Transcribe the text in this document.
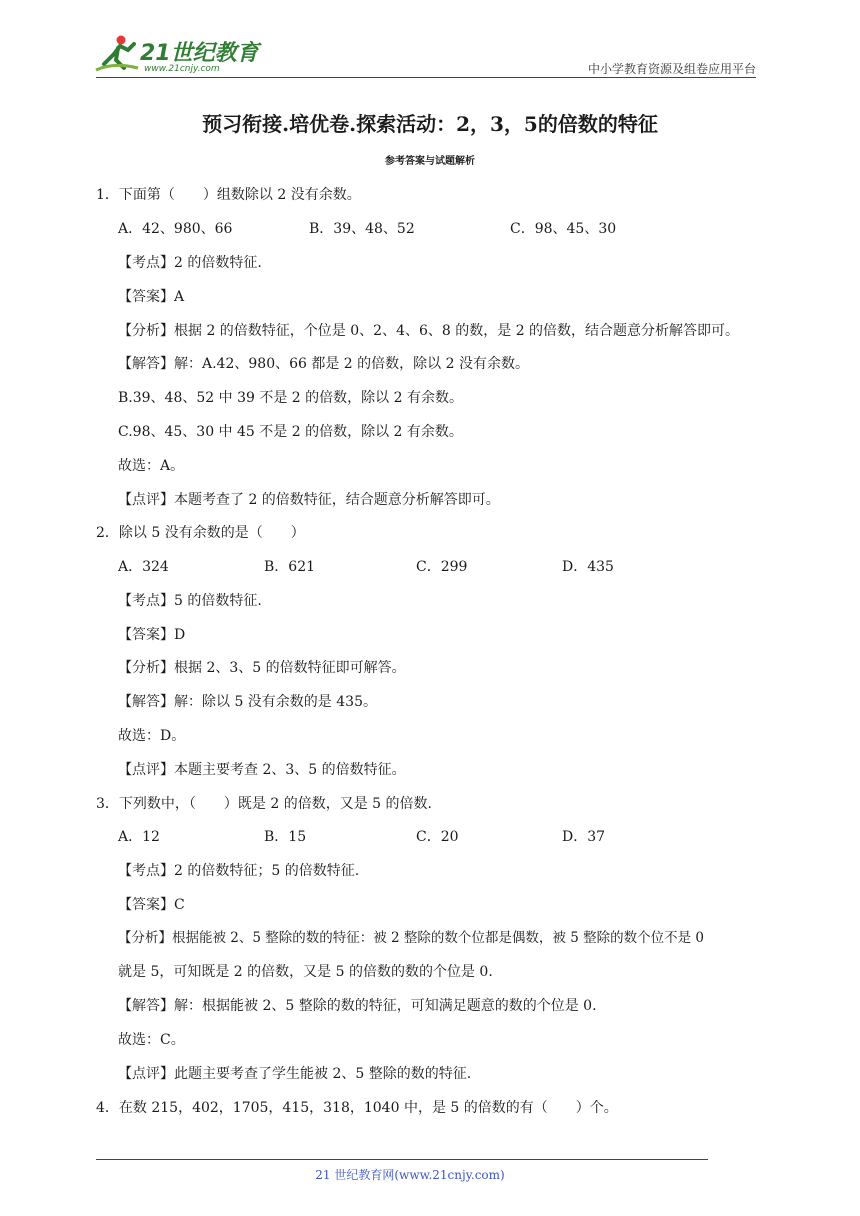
21世纪教育
www.21cnjy.com	中小学教育资源及组卷应用平台
预习衔接.培优卷.探索活动：2，3，5的倍数的特征
参考答案与试题解析
1．下面第（　　）组数除以 2 没有余数。
A．42、980、66	B．39、48、52	C．98、45、30
【考点】2 的倍数特征.
【答案】A
【分析】根据 2 的倍数特征，个位是 0、2、4、6、8 的数，是 2 的倍数，结合题意分析解答即可。
【解答】解：A.42、980、66 都是 2 的倍数，除以 2 没有余数。
B.39、48、52 中 39 不是 2 的倍数，除以 2 有余数。
C.98、45、30 中 45 不是 2 的倍数，除以 2 有余数。
故选：A。
【点评】本题考查了 2 的倍数特征，结合题意分析解答即可。
2．除以 5 没有余数的是（　　）
A．324	B．621	C．299	D．435
【考点】5 的倍数特征.
【答案】D
【分析】根据 2、3、5 的倍数特征即可解答。
【解答】解：除以 5 没有余数的是 435。
故选：D。
【点评】本题主要考查 2、3、5 的倍数特征。
3．下列数中，（　　）既是 2 的倍数，又是 5 的倍数.
A．12	B．15	C．20	D．37
【考点】2 的倍数特征；5 的倍数特征.
【答案】C
【分析】根据能被 2、5 整除的数的特征：被 2 整除的数个位都是偶数，被 5 整除的数个位不是 0
就是 5，可知既是 2 的倍数，又是 5 的倍数的数的个位是 0.
【解答】解：根据能被 2、5 整除的数的特征，可知满足题意的数的个位是 0.
故选：C。
【点评】此题主要考查了学生能被 2、5 整除的数的特征.
4．在数 215，402，1705，415，318，1040 中，是 5 的倍数的有（　　）个。
21 世纪教育网(www.21cnjy.com)
